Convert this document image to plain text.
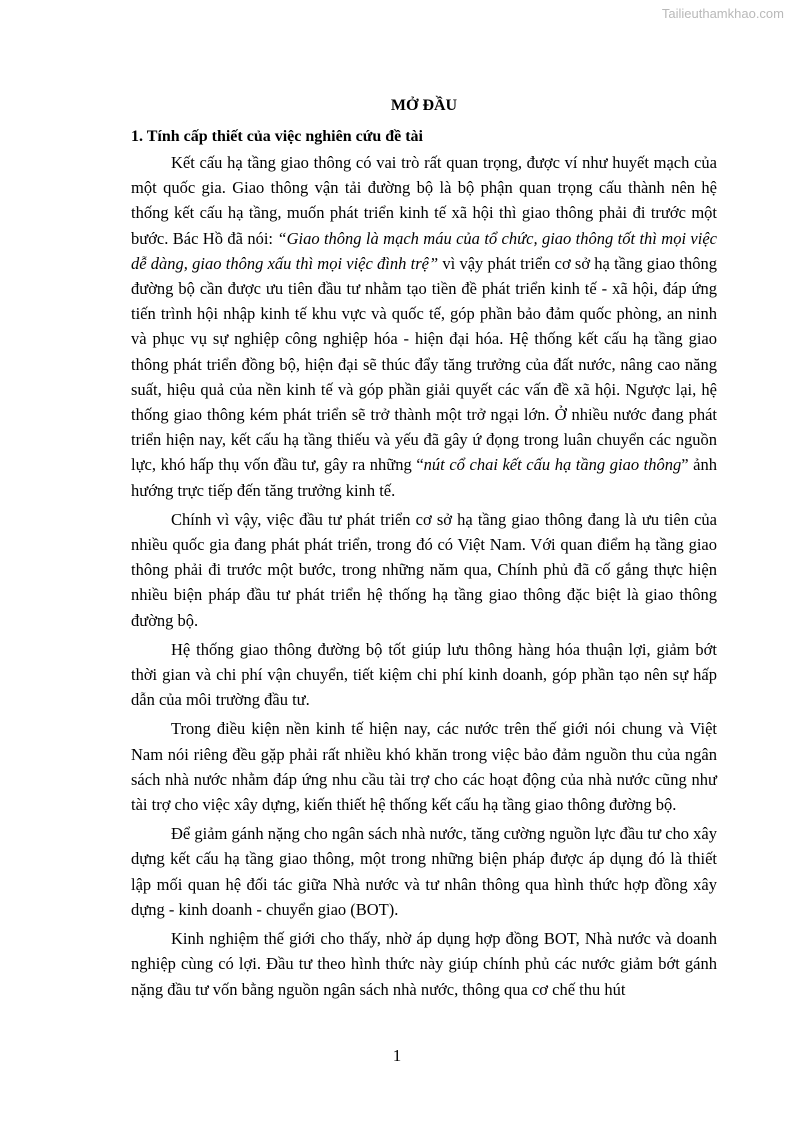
Tailieuthamkhao.com
MỞ ĐẦU
1. Tính cấp thiết của việc nghiên cứu đề tài

Kết cấu hạ tầng giao thông có vai trò rất quan trọng, được ví như huyết mạch của một quốc gia. Giao thông vận tải đường bộ là bộ phận quan trọng cấu thành nên hệ thống kết cấu hạ tầng, muốn phát triển kinh tế xã hội thì giao thông phải đi trước một bước. Bác Hồ đã nói: “Giao thông là mạch máu của tổ chức, giao thông tốt thì mọi việc dễ dàng, giao thông xấu thì mọi việc đình trệ” vì vậy phát triển cơ sở hạ tầng giao thông đường bộ cần được ưu tiên đầu tư nhằm tạo tiền đề phát triển kinh tế - xã hội, đáp ứng tiến trình hội nhập kinh tế khu vực và quốc tế, góp phần bảo đảm quốc phòng, an ninh và phục vụ sự nghiệp công nghiệp hóa - hiện đại hóa. Hệ thống kết cấu hạ tầng giao thông phát triển đồng bộ, hiện đại sẽ thúc đẩy tăng trưởng của đất nước, nâng cao năng suất, hiệu quả của nền kinh tế và góp phần giải quyết các vấn đề xã hội. Ngược lại, hệ thống giao thông kém phát triển sẽ trở thành một trở ngại lớn. Ở nhiều nước đang phát triển hiện nay, kết cấu hạ tầng thiếu và yếu đã gây ứ đọng trong luân chuyển các nguồn lực, khó hấp thụ vốn đầu tư, gây ra những “nút cổ chai kết cấu hạ tầng giao thông” ảnh hướng trực tiếp đến tăng trưởng kinh tế.

Chính vì vậy, việc đầu tư phát triển cơ sở hạ tầng giao thông đang là ưu tiên của nhiều quốc gia đang phát phát triển, trong đó có Việt Nam. Với quan điểm hạ tầng giao thông phải đi trước một bước, trong những năm qua, Chính phủ đã cố gắng thực hiện nhiều biện pháp đầu tư phát triển hệ thống hạ tầng giao thông đặc biệt là giao thông đường bộ.

Hệ thống giao thông đường bộ tốt giúp lưu thông hàng hóa thuận lợi, giảm bớt thời gian và chi phí vận chuyển, tiết kiệm chi phí kinh doanh, góp phần tạo nên sự hấp dẫn của môi trường đầu tư.

Trong điều kiện nền kinh tế hiện nay, các nước trên thế giới nói chung và Việt Nam nói riêng đều gặp phải rất nhiều khó khăn trong việc bảo đảm nguồn thu của ngân sách nhà nước nhằm đáp ứng nhu cầu tài trợ cho các hoạt động của nhà nước cũng như tài trợ cho việc xây dựng, kiến thiết hệ thống kết cấu hạ tầng giao thông đường bộ.

Để giảm gánh nặng cho ngân sách nhà nước, tăng cường nguồn lực đầu tư cho xây dựng kết cấu hạ tầng giao thông, một trong những biện pháp được áp dụng đó là thiết lập mối quan hệ đối tác giữa Nhà nước và tư nhân thông qua hình thức hợp đồng xây dựng - kinh doanh - chuyển giao (BOT).

Kinh nghiệm thế giới cho thấy, nhờ áp dụng hợp đồng BOT, Nhà nước và doanh nghiệp cùng có lợi. Đầu tư theo hình thức này giúp chính phủ các nước giảm bớt gánh nặng đầu tư vốn bằng nguồn ngân sách nhà nước, thông qua cơ chế thu hút

1
